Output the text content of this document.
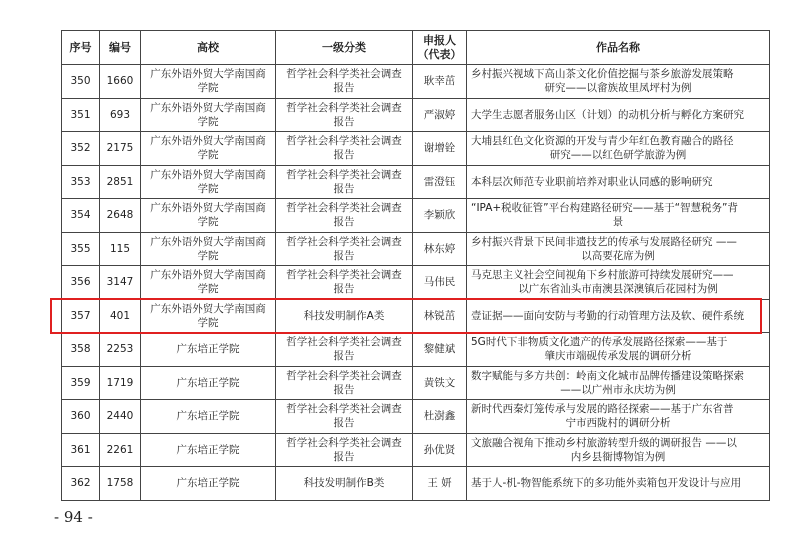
序号	编号	高校	一级分类	申报人
（代表）	作品名称
350	1660	广东外语外贸大学南国商学院	哲学社会科学类社会调查报告	耿幸茁	乡村振兴视域下高山茶文化价值挖掘与茶乡旅游发展策略
研究——以畲族故里凤坪村为例

351	693	广东外语外贸大学南国商学院	哲学社会科学类社会调查报告	严淑婷	大学生志愿者服务山区（计划）的动机分析与孵化方案研究

352	2175	广东外语外贸大学南国商学院	哲学社会科学类社会调查报告	谢增铨	大埔县红色文化资源的开发与青少年红色教育融合的路径
研究——以红色研学旅游为例

353	2851	广东外语外贸大学南国商学院	哲学社会科学类社会调查报告	雷澄钰	本科层次师范专业职前培养对职业认同感的影响研究

354	2648	广东外语外贸大学南国商学院	哲学社会科学类社会调查报告	李颖欣	“IPA+税收征管”平台构建路径研究——基于“智慧税务”背
景

355	115	广东外语外贸大学南国商学院	哲学社会科学类社会调查报告	林东婷	乡村振兴背景下民间非遗技艺的传承与发展路径研究 ——
以高要花席为例

356	3147	广东外语外贸大学南国商学院	哲学社会科学类社会调查报告	马伟民	马克思主义社会空间视角下乡村旅游可持续发展研究——
以广东省汕头市南澳县深澳镇后花园村为例

357	401	广东外语外贸大学南国商学院	科技发明制作A类	林锐茁	壹证据——面向安防与考勤的行动管理方法及软、硬件系统

358	2253	广东培正学院	哲学社会科学类社会调查报告	黎健斌	5G时代下非物质文化遗产的传承发展路径探索——基于
肇庆市端砚传承发展的调研分析

359	1719	广东培正学院	哲学社会科学类社会调查报告	黄铁文	数字赋能与多方共创：岭南文化城市品牌传播建设策略探索
——以广州市永庆坊为例

360	2440	广东培正学院	哲学社会科学类社会调查报告	杜澍鑫	新时代西秦灯笼传承与发展的路径探索——基于广东省普
宁市西陇村的调研分析

361	2261	广东培正学院	哲学社会科学类社会调查报告	孙优贤	文旅融合视角下推动乡村旅游转型升级的调研报告 ——以
内乡县衙博物馆为例

362	1758	广东培正学院	科技发明制作B类	王 妍	基于人-机-物智能系统下的多功能外卖箱包开发设计与应用
- 94 -
